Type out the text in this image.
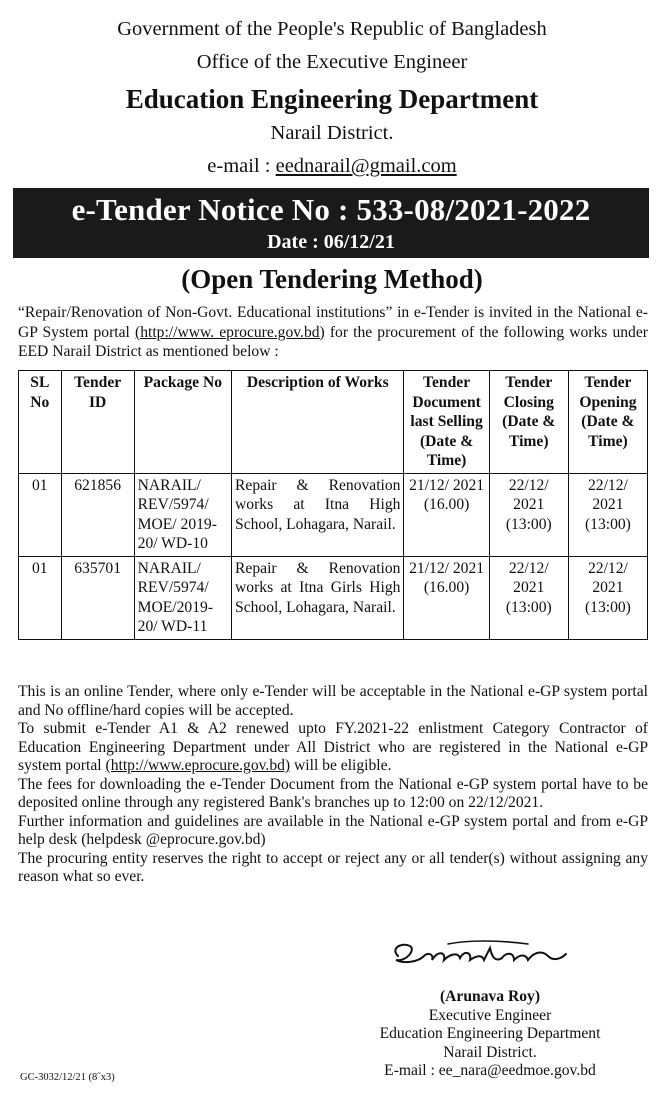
Government of the People's Republic of Bangladesh
Office of the Executive Engineer
Education Engineering Department
Narail District.
e-mail : eednarail@gmail.com
e-Tender Notice No : 533-08/2021-2022
Date : 06/12/21
(Open Tendering Method)
“Repair/Renovation of Non-Govt. Educational institutions” in e-Tender is invited in the National e-GP System portal (http://www. eprocure.gov.bd) for the procurement of the following works under EED Narail District as mentioned below :
SL No	Tender ID	Package No	Description of Works	Tender Document last Selling (Date & Time)	Tender Closing (Date & Time)	Tender Opening (Date & Time)
01	621856	NARAIL/ REV/5974/ MOE/ 2019-20/ WD-10	Repair & Renovation works at Itna High School, Lohagara, Narail.	21/12/ 2021 (16.00)	22/12/ 2021 (13:00)	22/12/ 2021 (13:00)
01	635701	NARAIL/ REV/5974/ MOE/2019-20/ WD-11	Repair & Renovation works at Itna Girls High School, Lohagara, Narail.	21/12/ 2021 (16.00)	22/12/ 2021 (13:00)	22/12/ 2021 (13:00)

This is an online Tender, where only e-Tender will be acceptable in the National e-GP system portal and No offline/hard copies will be accepted.

To submit e-Tender A1 & A2 renewed upto FY.2021-22 enlistment Category Contractor of Education Engineering Department under All District who are registered in the National e-GP system portal (http://www.eprocure.gov.bd) will be eligible.

The fees for downloading the e-Tender Document from the National e-GP system portal have to be deposited online through any registered Bank's branches up to 12:00 on 22/12/2021.

Further information and guidelines are available in the National e-GP system portal and from e-GP help desk (helpdesk @eprocure.gov.bd)

The procuring entity reserves the right to accept or reject any or all tender(s) without assigning any reason what so ever.

(Arunava Roy)
Executive Engineer
Education Engineering Department
Narail District.
E-mail : ee_nara@eedmoe.gov.bd
GC-3032/12/21 (8˝x3)
